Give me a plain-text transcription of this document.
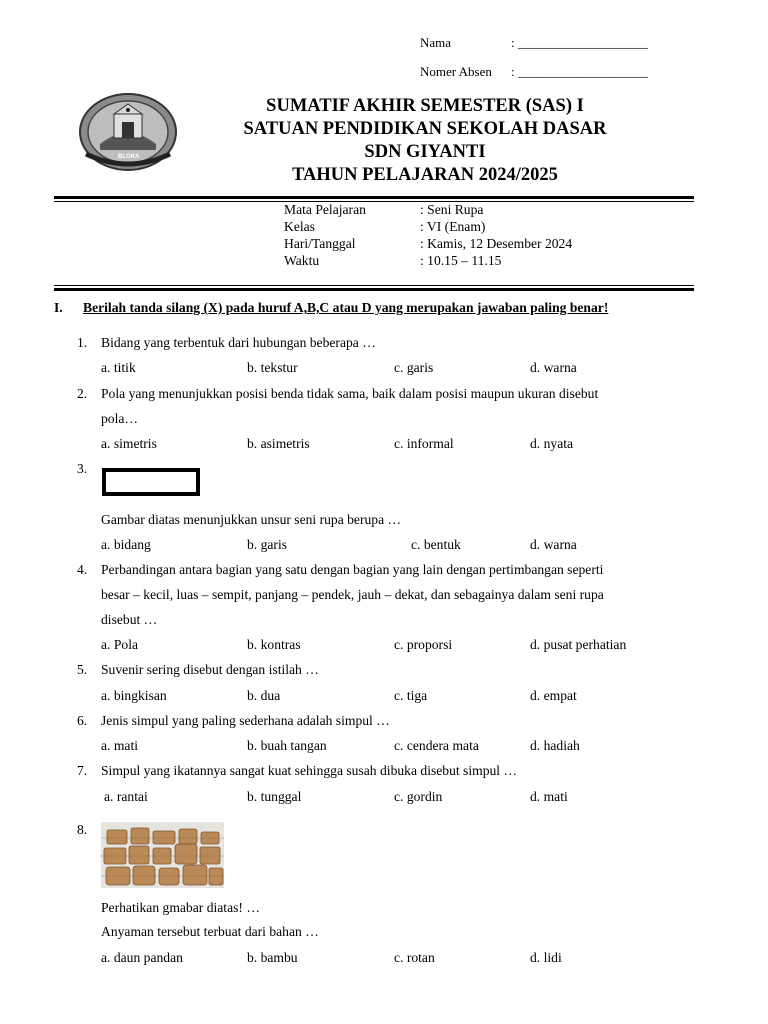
Nama	: ____________________
Nomer Absen : ____________________
BLORA
SUMATIF AKHIR SEMESTER (SAS) I
SATUAN PENDIDIKAN SEKOLAH DASAR
SDN GIYANTI
TAHUN PELAJARAN 2024/2025
Mata Pelajaran	: Seni Rupa
Kelas	: VI (Enam)
Hari/Tanggal	: Kamis, 12 Desember 2024
Waktu	: 10.15 – 11.15
I. Berilah tanda silang (X) pada huruf A,B,C atau D yang merupakan jawaban paling benar!
1. Bidang yang terbentuk dari hubungan beberapa …
a. titik	b. tekstur	c. garis	d. warna
2. Pola yang menunjukkan posisi benda tidak sama, baik dalam posisi maupun ukuran disebut
pola…
a. simetris	b. asimetris	c. informal	d. nyata
3.
Gambar diatas menunjukkan unsur seni rupa berupa …
a. bidang	b. garis	c. bentuk	d. warna
4. Perbandingan antara bagian yang satu dengan bagian yang lain dengan pertimbangan seperti
besar – kecil, luas – sempit, panjang – pendek, jauh – dekat, dan sebagainya dalam seni rupa
disebut …
a. Pola	b. kontras	c. proporsi	d. pusat perhatian
5. Suvenir sering disebut dengan istilah …
a. bingkisan	b. dua	c. tiga	d. empat
6. Jenis simpul yang paling sederhana adalah simpul …
a. mati	b. buah tangan	c. cendera mata	d. hadiah
7. Simpul yang ikatannya sangat kuat sehingga susah dibuka disebut simpul …
a. rantai	b. tunggal	c. gordin	d. mati
8.
Perhatikan gmabar diatas! …
Anyaman tersebut terbuat dari bahan …
a. daun pandan	b. bambu	c. rotan	d. lidi
